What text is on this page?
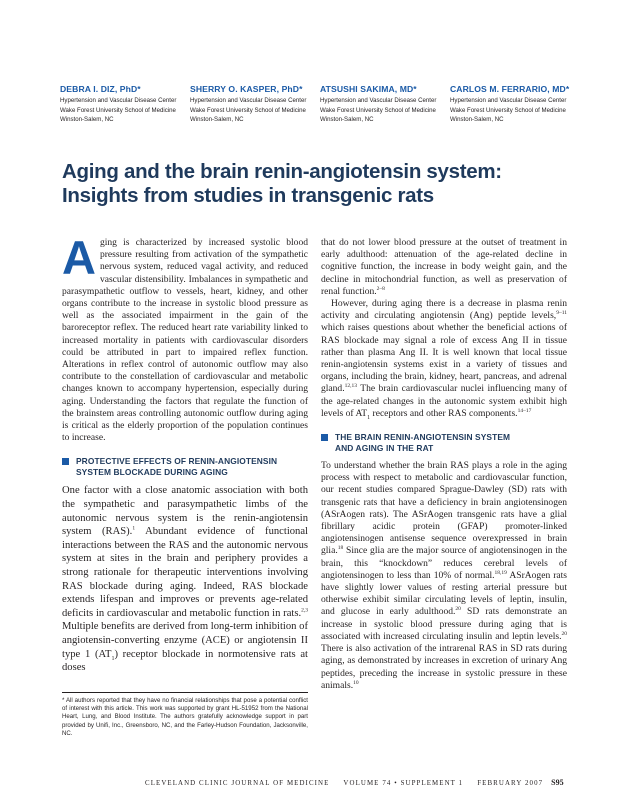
DEBRA I. DIZ, PhD*
Hypertension and Vascular Disease Center
Wake Forest University School of Medicine
Winston-Salem, NC
SHERRY O. KASPER, PhD*
Hypertension and Vascular Disease Center
Wake Forest University School of Medicine
Winston-Salem, NC
ATSUSHI SAKIMA, MD*
Hypertension and Vascular Disease Center
Wake Forest University School of Medicine
Winston-Salem, NC
CARLOS M. FERRARIO, MD*
Hypertension and Vascular Disease Center
Wake Forest University School of Medicine
Winston-Salem, NC
Aging and the brain renin-angiotensin system:
Insights from studies in transgenic rats

Aging is characterized by increased systolic blood pressure resulting from activation of the sympathetic nervous system, reduced vagal activity, and reduced vascular distensibility. Imbalances in sympathetic and parasympathetic outflow to vessels, heart, kidney, and other organs contribute to the increase in systolic blood pressure as well as the associated impairment in the gain of the baroreceptor reflex. The reduced heart rate variability linked to increased mortality in patients with cardiovascular disorders could be attributed in part to impaired reflex function. Alterations in reflex control of autonomic outflow may also contribute to the constellation of cardiovascular and metabolic changes known to accompany hypertension, especially during aging. Understanding the factors that regulate the function of the brainstem areas controlling autonomic outflow during aging is critical as the elderly proportion of the population continues to increase.

PROTECTIVE EFFECTS OF RENIN-ANGIOTENSIN
SYSTEM BLOCKADE DURING AGING

One factor with a close anatomic association with both the sympathetic and parasympathetic limbs of the autonomic nervous system is the renin-angiotensin system (RAS).$^1$ Abundant evidence of functional interactions between the RAS and the autonomic nervous system at sites in the brain and periphery provides a strong rationale for therapeutic interventions involving RAS blockade during aging. Indeed, RAS blockade extends lifespan and improves or prevents age-related deficits in cardiovascular and metabolic function in rats.$^{2,3}$ Multiple benefits are derived from long-term inhibition of angiotensin-converting enzyme (ACE) or angiotensin II type 1 $(AT_1)$ receptor blockade in normotensive rats at doses

* All authors reported that they have no financial relationships that pose a potential conflict of interest with this article. This work was supported by grant HL-51952 from the National Heart, Lung, and Blood Institute. The authors gratefully acknowledge support in part provided by Unifi, Inc., Greensboro, NC, and the Farley-Hudson Foundation, Jacksonville, NC.

that do not lower blood pressure at the outset of treatment in early adulthood: attenuation of the age-related decline in cognitive function, the increase in body weight gain, and the decline in mitochondrial function, as well as preservation of renal function.$^{2-8}$

However, during aging there is a decrease in plasma renin activity and circulating angiotensin (Ang) peptide levels,$^{9-11}$ which raises questions about whether the beneficial actions of RAS blockade may signal a role of excess Ang II in tissue rather than plasma Ang II. It is well known that local tissue renin-angiotensin systems exist in a variety of tissues and organs, including the brain, kidney, heart, pancreas, and adrenal gland.$^{12,13}$ The brain cardiovascular nuclei influencing many of the age-related changes in the autonomic system exhibit high levels of $AT_1$ receptors and other RAS components.$^{14-17}$

THE BRAIN RENIN-ANGIOTENSIN SYSTEM
AND AGING IN THE RAT

To understand whether the brain RAS plays a role in the aging process with respect to metabolic and cardiovascular function, our recent studies compared Sprague-Dawley (SD) rats with transgenic rats that have a deficiency in brain angiotensinogen (ASrAogen rats). The ASrAogen transgenic rats have a glial fibrillary acidic protein (GFAP) promoter-linked angiotensinogen antisense sequence overexpressed in brain glia.$^{18}$ Since glia are the major source of angiotensinogen in the brain, this “knockdown” reduces cerebral levels of angiotensinogen to less than 10% of normal.$^{18,19}$ ASrAogen rats have slightly lower values of resting arterial pressure but otherwise exhibit similar circulating levels of leptin, insulin, and glucose in early adulthood.$^{20}$ SD rats demonstrate an increase in systolic blood pressure during aging that is associated with increased circulating insulin and leptin levels.$^{20}$ There is also activation of the intrarenal RAS in SD rats during aging, as demonstrated by increases in excretion of urinary Ang peptides, preceding the increase in systolic pressure in these animals.$^{10}$

CLEVELAND CLINIC JOURNAL OF MEDICINE VOLUME 74 • SUPPLEMENT 1 FEBRUARY 2007 S95
